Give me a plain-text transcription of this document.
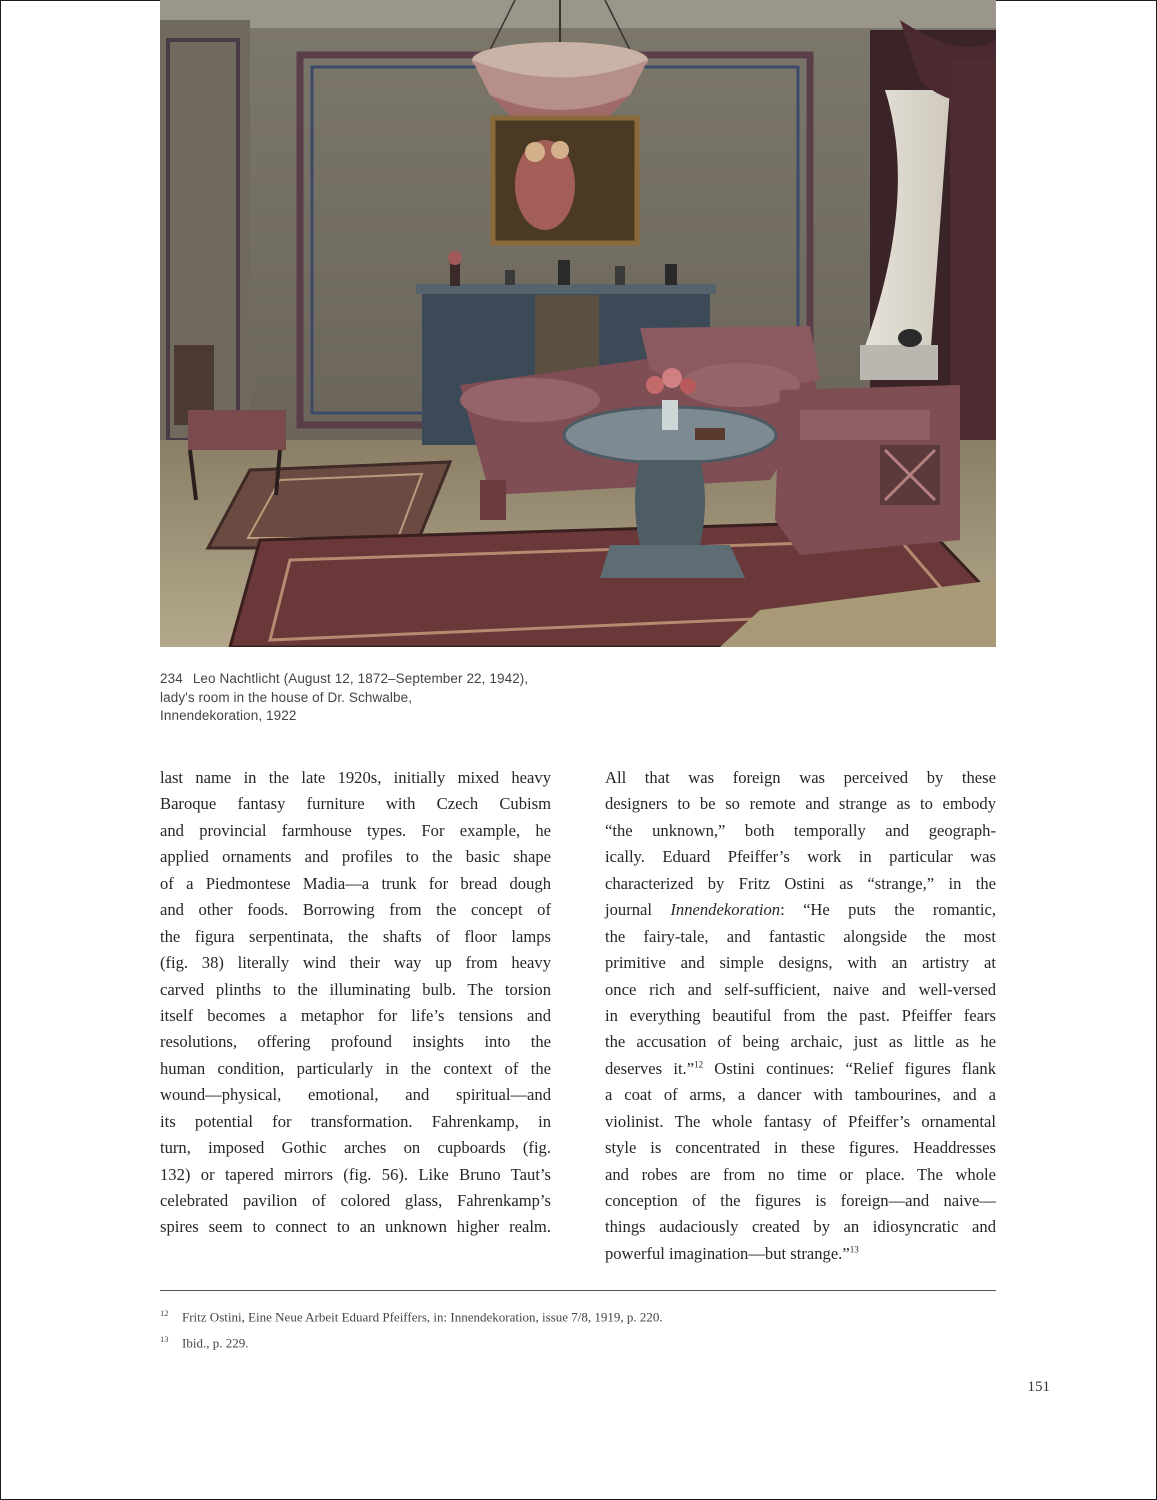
234 Leo Nachtlicht (August 12, 1872–September 22, 1942),
lady's room in the house of Dr. Schwalbe,
Innendekoration, 1922
last name in the late 1920s, initially mixed heavy
Baroque fantasy furniture with Czech Cubism
and provincial farmhouse types. For example, he
applied ornaments and profiles to the basic shape
of a Piedmontese Madia—a trunk for bread dough
and other foods. Borrowing from the concept of
the figura serpentinata, the shafts of floor lamps
(fig. 38) literally wind their way up from heavy
carved plinths to the illuminating bulb. The torsion
itself becomes a metaphor for life’s tensions and
resolutions, offering profound insights into the
human condition, particularly in the context of the
wound—physical, emotional, and spiritual—and
its potential for transformation. Fahrenkamp, in
turn, imposed Gothic arches on cupboards (fig.
132) or tapered mirrors (fig. 56). Like Bruno Taut’s
celebrated pavilion of colored glass, Fahrenkamp’s
spires seem to connect to an unknown higher realm.
All that was foreign was perceived by these
designers to be so remote and strange as to embody
“the unknown,” both temporally and geograph-
ically. Eduard Pfeiffer’s work in particular was
characterized by Fritz Ostini as “strange,” in the
journal Innendekoration: “He puts the romantic,
the fairy-tale, and fantastic alongside the most
primitive and simple designs, with an artistry at
once rich and self-sufficient, naive and well-versed
in everything beautiful from the past. Pfeiffer fears
the accusation of being archaic, just as little as he
deserves it.”$^{12}$ Ostini continues: “Relief figures flank
a coat of arms, a dancer with tambourines, and a
violinist. The whole fantasy of Pfeiffer’s ornamental
style is concentrated in these figures. Headdresses
and robes are from no time or place. The whole
conception of the figures is foreign—and naive—
things audaciously created by an idiosyncratic and
powerful imagination—but strange.”$^{13}$
12 Fritz Ostini, Eine Neue Arbeit Eduard Pfeiffers, in: Innendekoration, issue 7/8, 1919, p. 220.
13 Ibid., p. 229.
151
